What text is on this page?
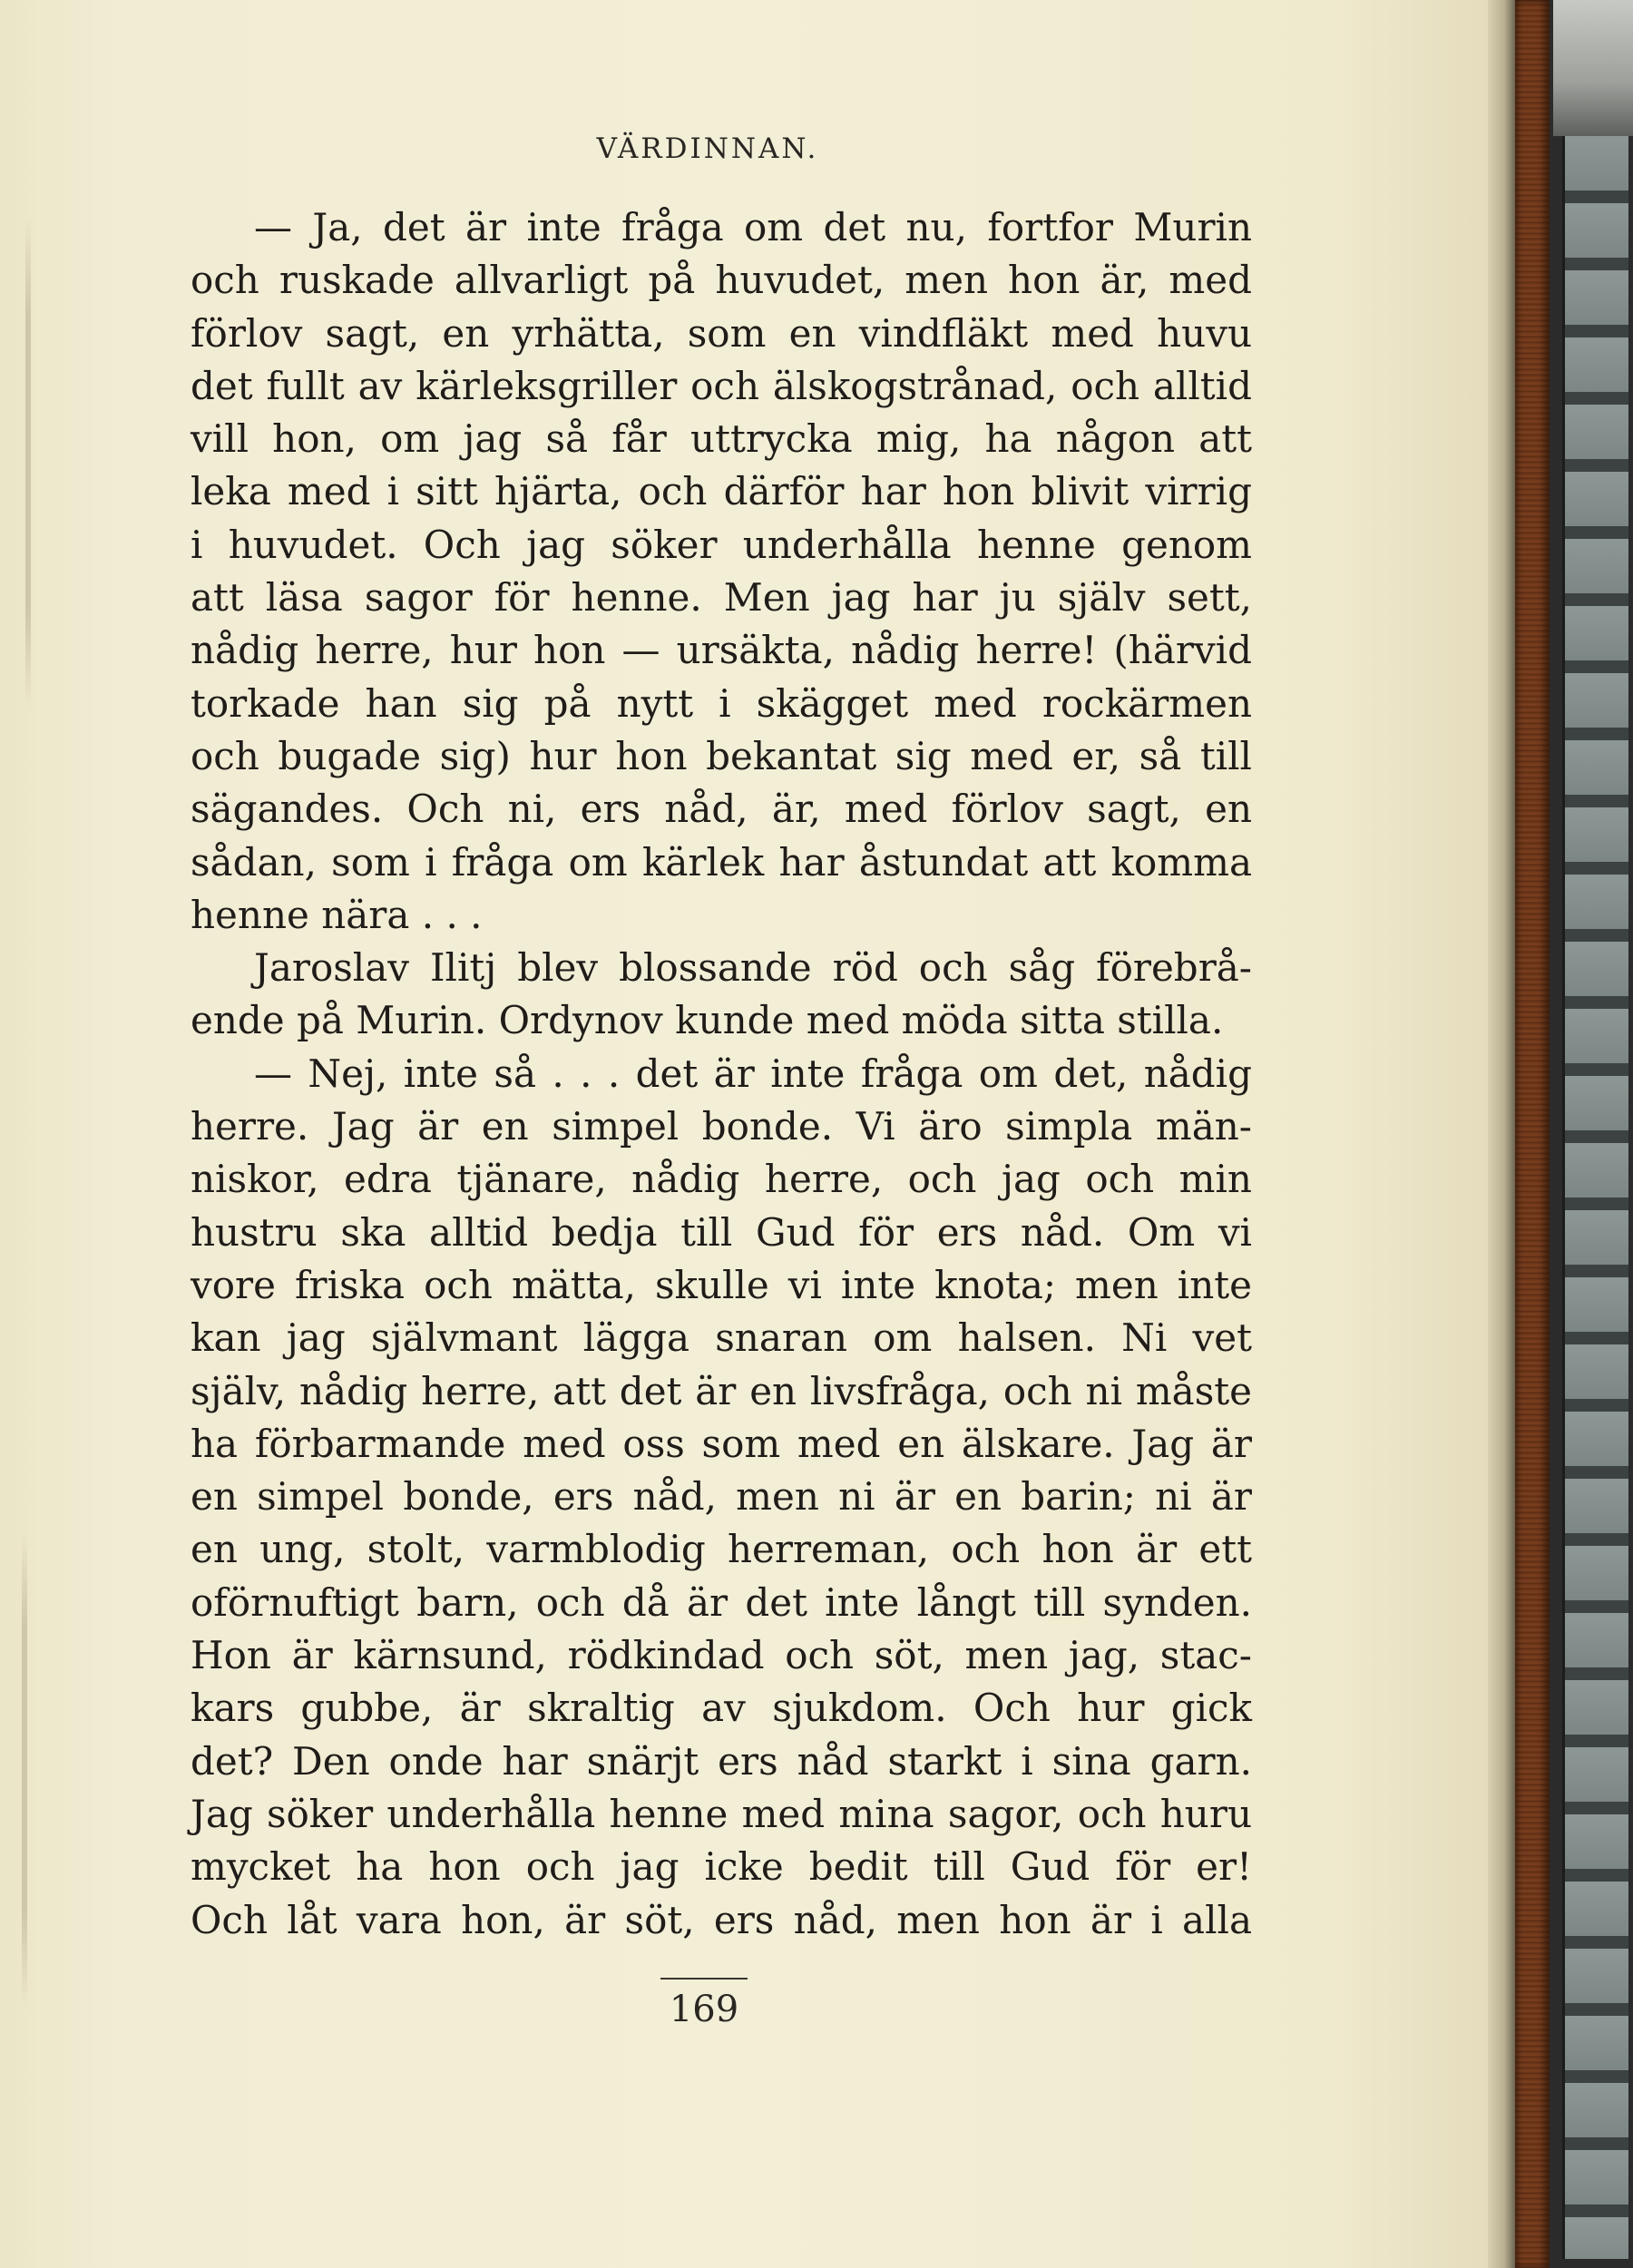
VÄRDINNAN.
— Ja, det är inte fråga om det nu, fortfor Murin
och ruskade allvarligt på huvudet, men hon är, med
förlov sagt, en yrhätta, som en vindfläkt med huvu
det fullt av kärleksgriller och älskogstrånad, och alltid
vill hon, om jag så får uttrycka mig, ha någon att
leka med i sitt hjärta, och därför har hon blivit virrig
i huvudet. Och jag söker underhålla henne genom
att läsa sagor för henne. Men jag har ju själv sett,
nådig herre, hur hon — ursäkta, nådig herre! (härvid
torkade han sig på nytt i skägget med rockärmen
och bugade sig) hur hon bekantat sig med er, så till
sägandes. Och ni, ers nåd, är, med förlov sagt, en
sådan, som i fråga om kärlek har åstundat att komma
henne nära . . .
Jaroslav Ilitj blev blossande röd och såg förebrå-
ende på Murin. Ordynov kunde med möda sitta stilla.
— Nej, inte så . . . det är inte fråga om det, nådig
herre. Jag är en simpel bonde. Vi äro simpla män-
niskor, edra tjänare, nådig herre, och jag och min
hustru ska alltid bedja till Gud för ers nåd. Om vi
vore friska och mätta, skulle vi inte knota; men inte
kan jag självmant lägga snaran om halsen. Ni vet
själv, nådig herre, att det är en livsfråga, och ni måste
ha förbarmande med oss som med en älskare. Jag är
en simpel bonde, ers nåd, men ni är en barin; ni är
en ung, stolt, varmblodig herreman, och hon är ett
oförnuftigt barn, och då är det inte långt till synden.
Hon är kärnsund, rödkindad och söt, men jag, stac-
kars gubbe, är skraltig av sjukdom. Och hur gick
det? Den onde har snärjt ers nåd starkt i sina garn.
Jag söker underhålla henne med mina sagor, och huru
mycket ha hon och jag icke bedit till Gud för er!
Och låt vara hon, är söt, ers nåd, men hon är i alla
169
